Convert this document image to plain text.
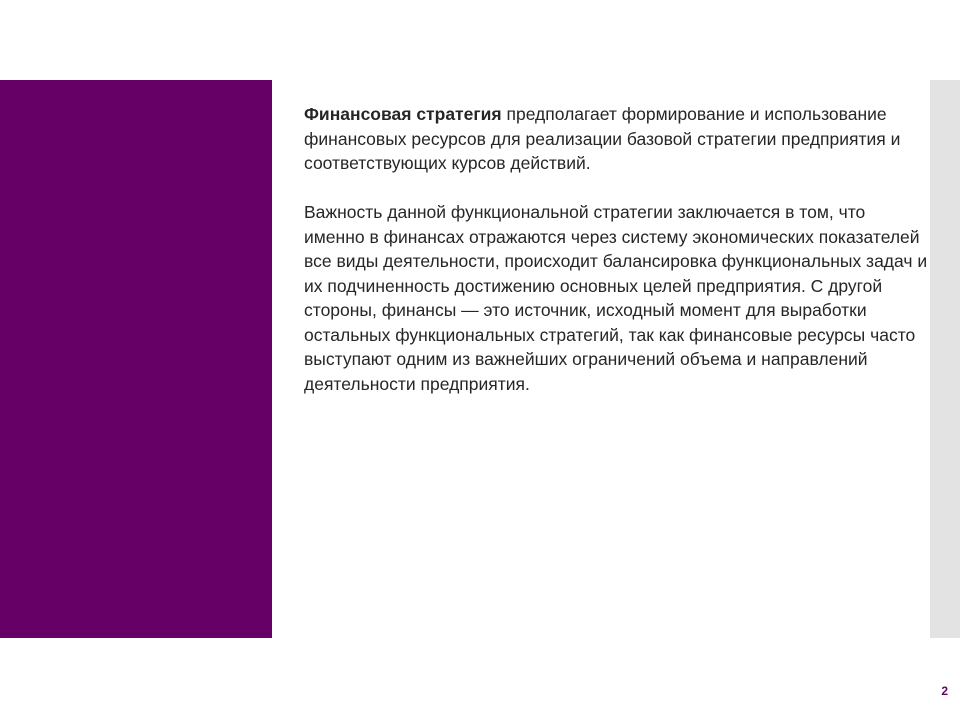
Финансовая стратегия предполагает формирование и использование финансовых ресурсов для реализации базовой стратегии предприятия и соответствующих курсов действий.

Важность данной функциональной стратегии заключается в том, что именно в финансах отражаются через систему экономических показателей все виды деятельности, происходит балансировка функциональных задач и их подчиненность достижению основных целей предприятия. С другой стороны, финансы — это источник, исходный момент для выработки остальных функциональных стратегий, так как финансовые ресурсы часто выступают одним из важнейших ограничений объема и направлений деятельности предприятия.

2
